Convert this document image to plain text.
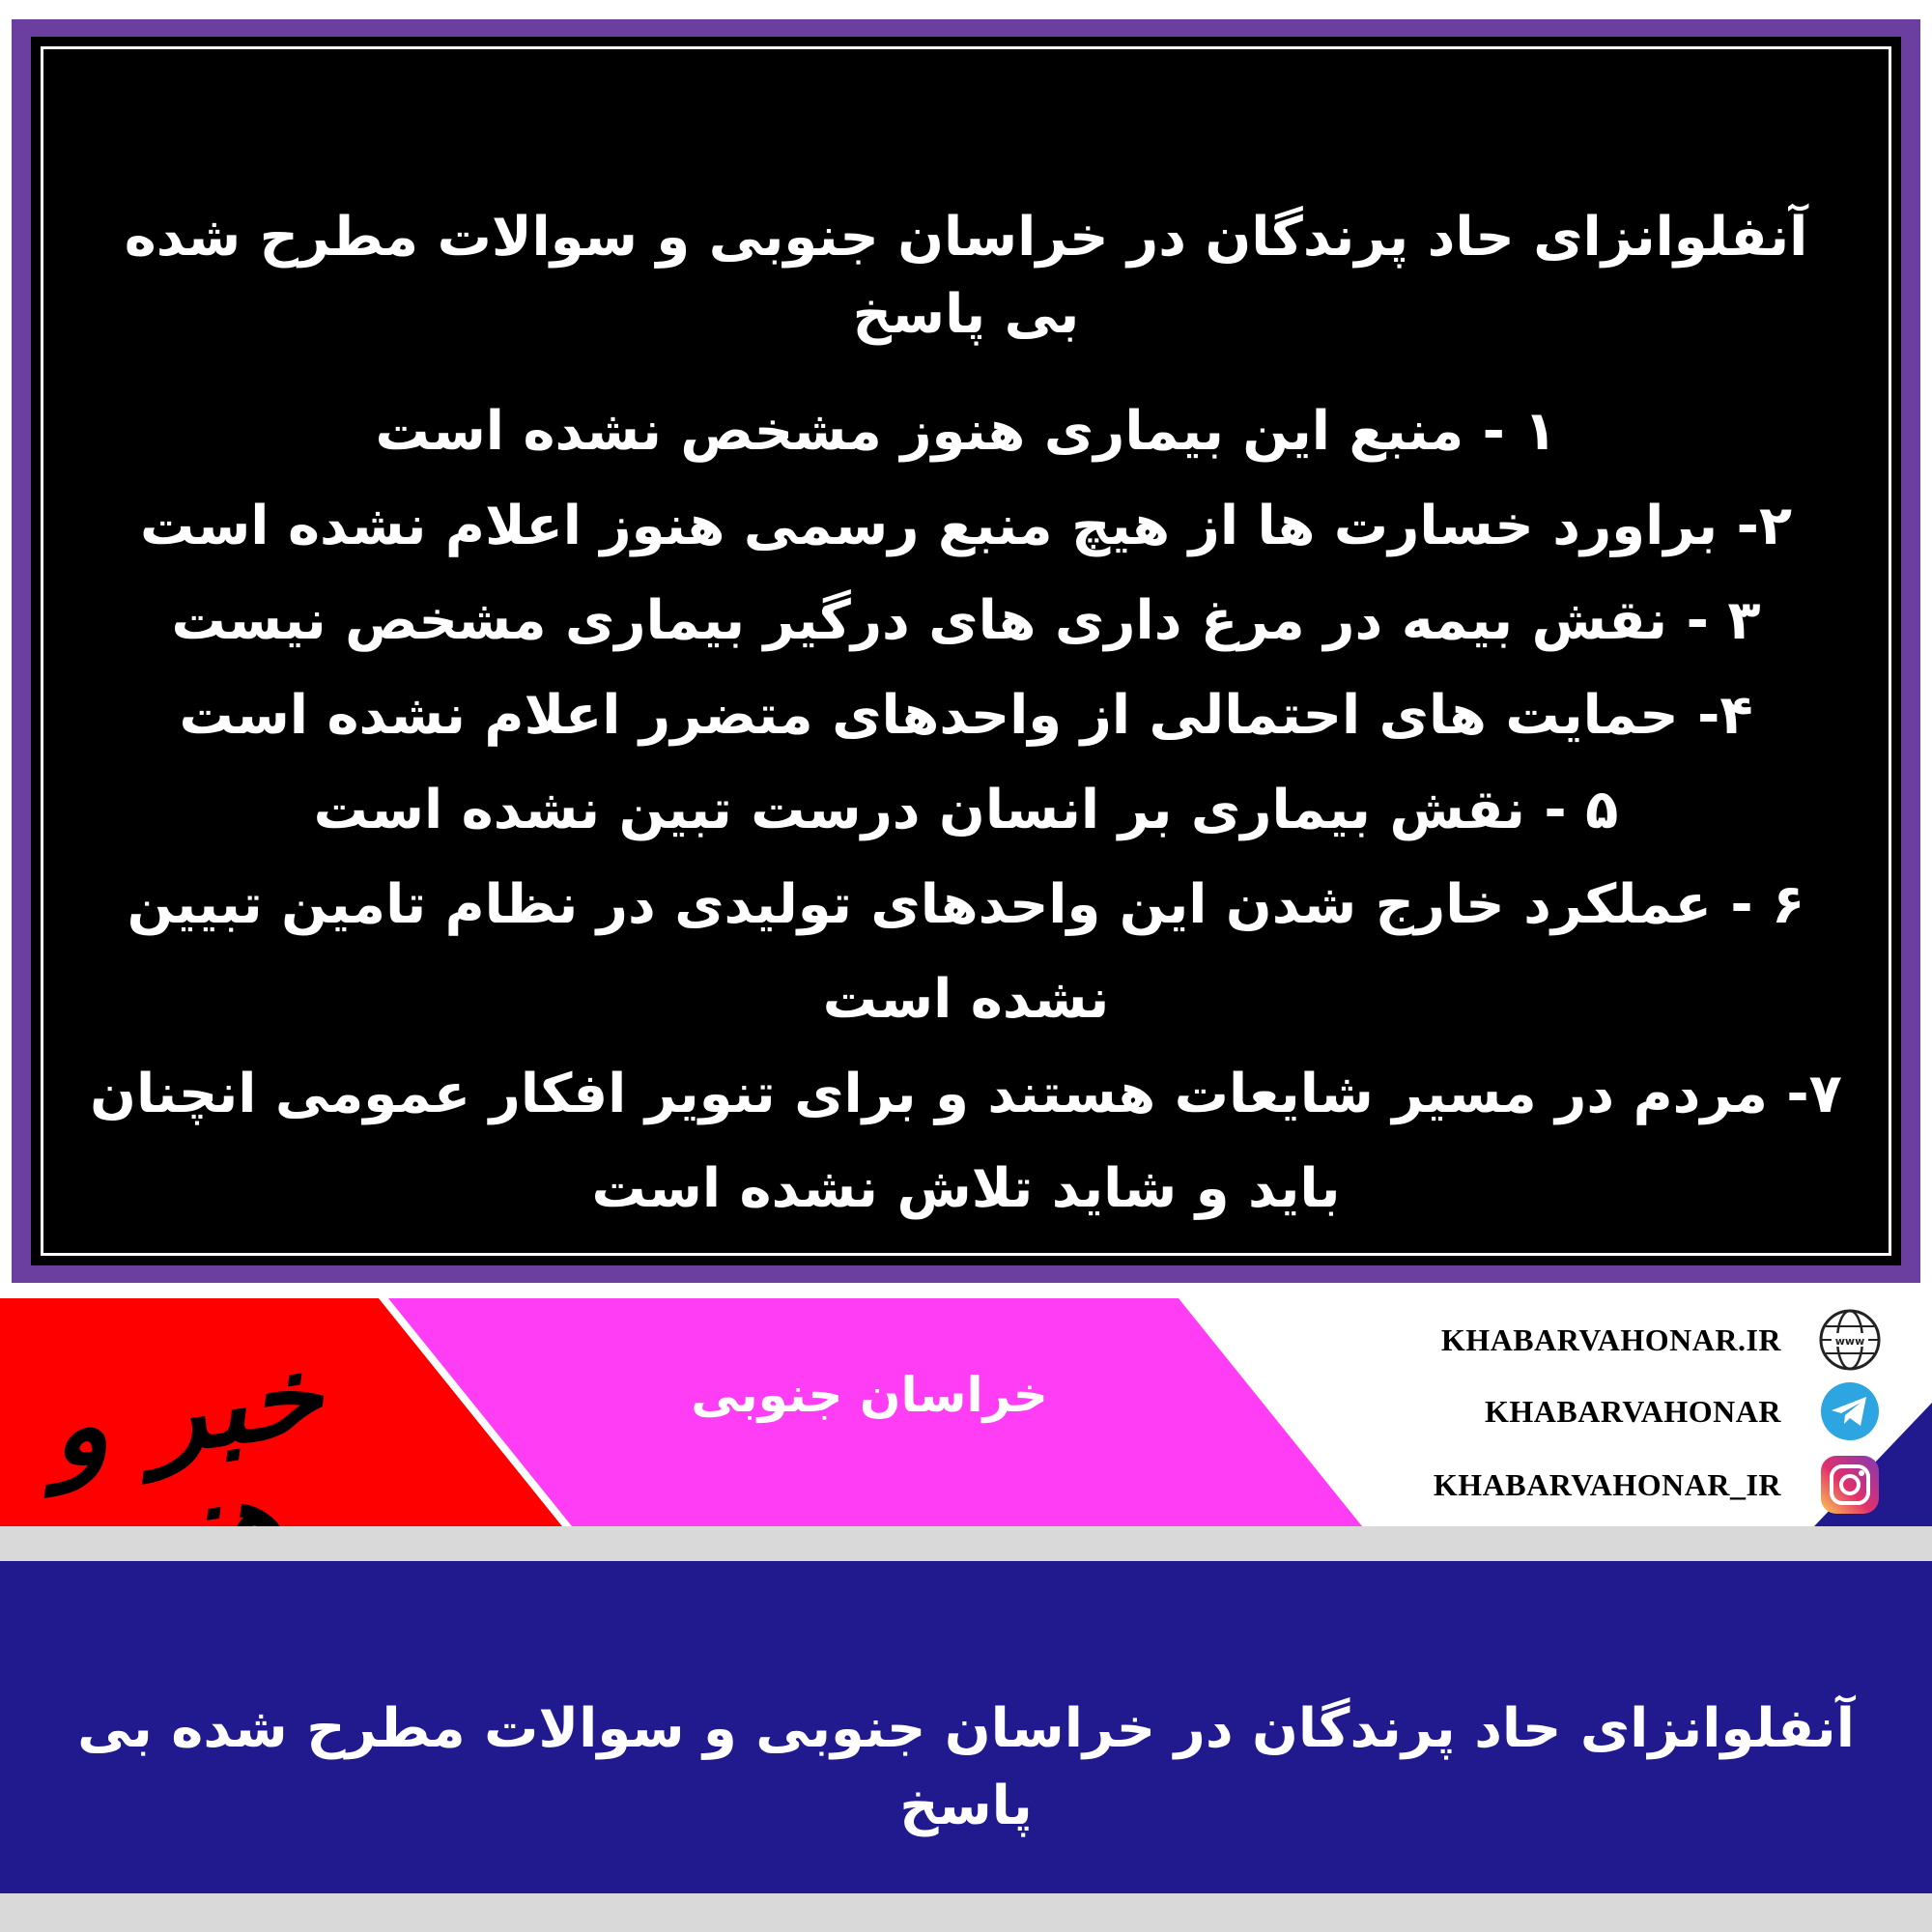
آنفلوانزای حاد پرندگان در خراسان جنوبی و سوالات مطرح شده بی پاسخ
۱ - منبع این بیماری هنوز مشخص نشده است
۲- براورد خسارت ها از هیچ منبع رسمی هنوز اعلام نشده است
۳ - نقش بیمه در مرغ داری های درگیر بیماری مشخص نیست
۴- حمایت های احتمالی از واحدهای متضرر اعلام نشده است
۵ - نقش بیماری بر انسان درست تبین نشده است
۶ - عملکرد خارج شدن این واحدهای تولیدی در نظام تامین تبیین نشده است
۷- مردم در مسیر شایعات هستند و برای تنویر افکار عمومی انچنان
باید و شاید تلاش نشده است
خبر و	خراسان جنوبی
KHABARVAHONAR.IR	www
KHABARVAHONAR
KHABARVAHONAR_IR
آنفلوانزای حاد پرندگان در خراسان جنوبی و سوالات مطرح شده بی پاسخ
